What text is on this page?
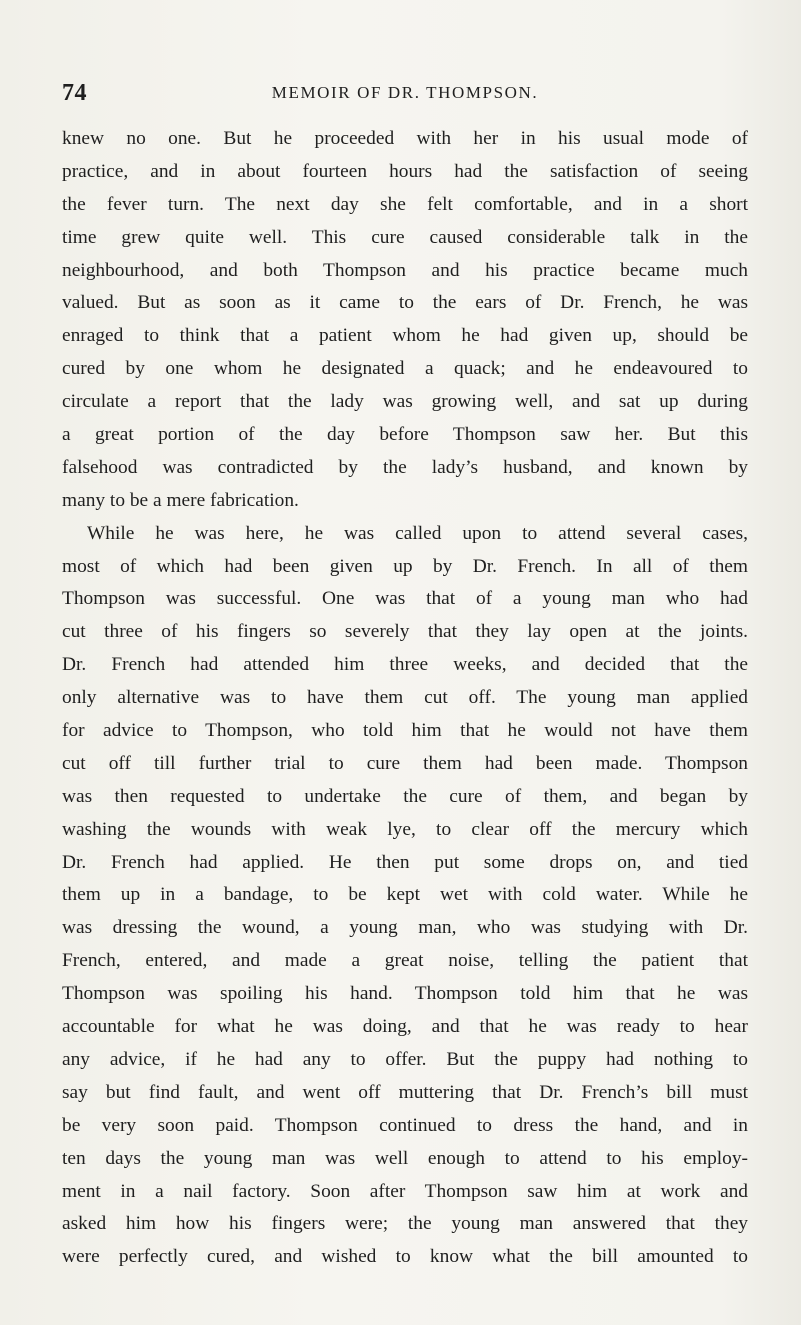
74	MEMOIR OF DR. THOMPSON.
knew no one. But he proceeded with her in his usual mode of
practice, and in about fourteen hours had the satisfaction of seeing
the fever turn. The next day she felt comfortable, and in a short
time grew quite well. This cure caused considerable talk in the
neighbourhood, and both Thompson and his practice became much
valued. But as soon as it came to the ears of Dr. French, he was
enraged to think that a patient whom he had given up, should be
cured by one whom he designated a quack; and he endeavoured to
circulate a report that the lady was growing well, and sat up during
a great portion of the day before Thompson saw her. But this
falsehood was contradicted by the lady’s husband, and known by
many to be a mere fabrication.
While he was here, he was called upon to attend several cases,
most of which had been given up by Dr. French. In all of them
Thompson was successful. One was that of a young man who had
cut three of his fingers so severely that they lay open at the joints.
Dr. French had attended him three weeks, and decided that the
only alternative was to have them cut off. The young man applied
for advice to Thompson, who told him that he would not have them
cut off till further trial to cure them had been made. Thompson
was then requested to undertake the cure of them, and began by
washing the wounds with weak lye, to clear off the mercury which
Dr. French had applied. He then put some drops on, and tied
them up in a bandage, to be kept wet with cold water. While he
was dressing the wound, a young man, who was studying with Dr.
French, entered, and made a great noise, telling the patient that
Thompson was spoiling his hand. Thompson told him that he was
accountable for what he was doing, and that he was ready to hear
any advice, if he had any to offer. But the puppy had nothing to
say but find fault, and went off muttering that Dr. French’s bill must
be very soon paid. Thompson continued to dress the hand, and in
ten days the young man was well enough to attend to his employ-
ment in a nail factory. Soon after Thompson saw him at work and
asked him how his fingers were; the young man answered that they
were perfectly cured, and wished to know what the bill amounted to
